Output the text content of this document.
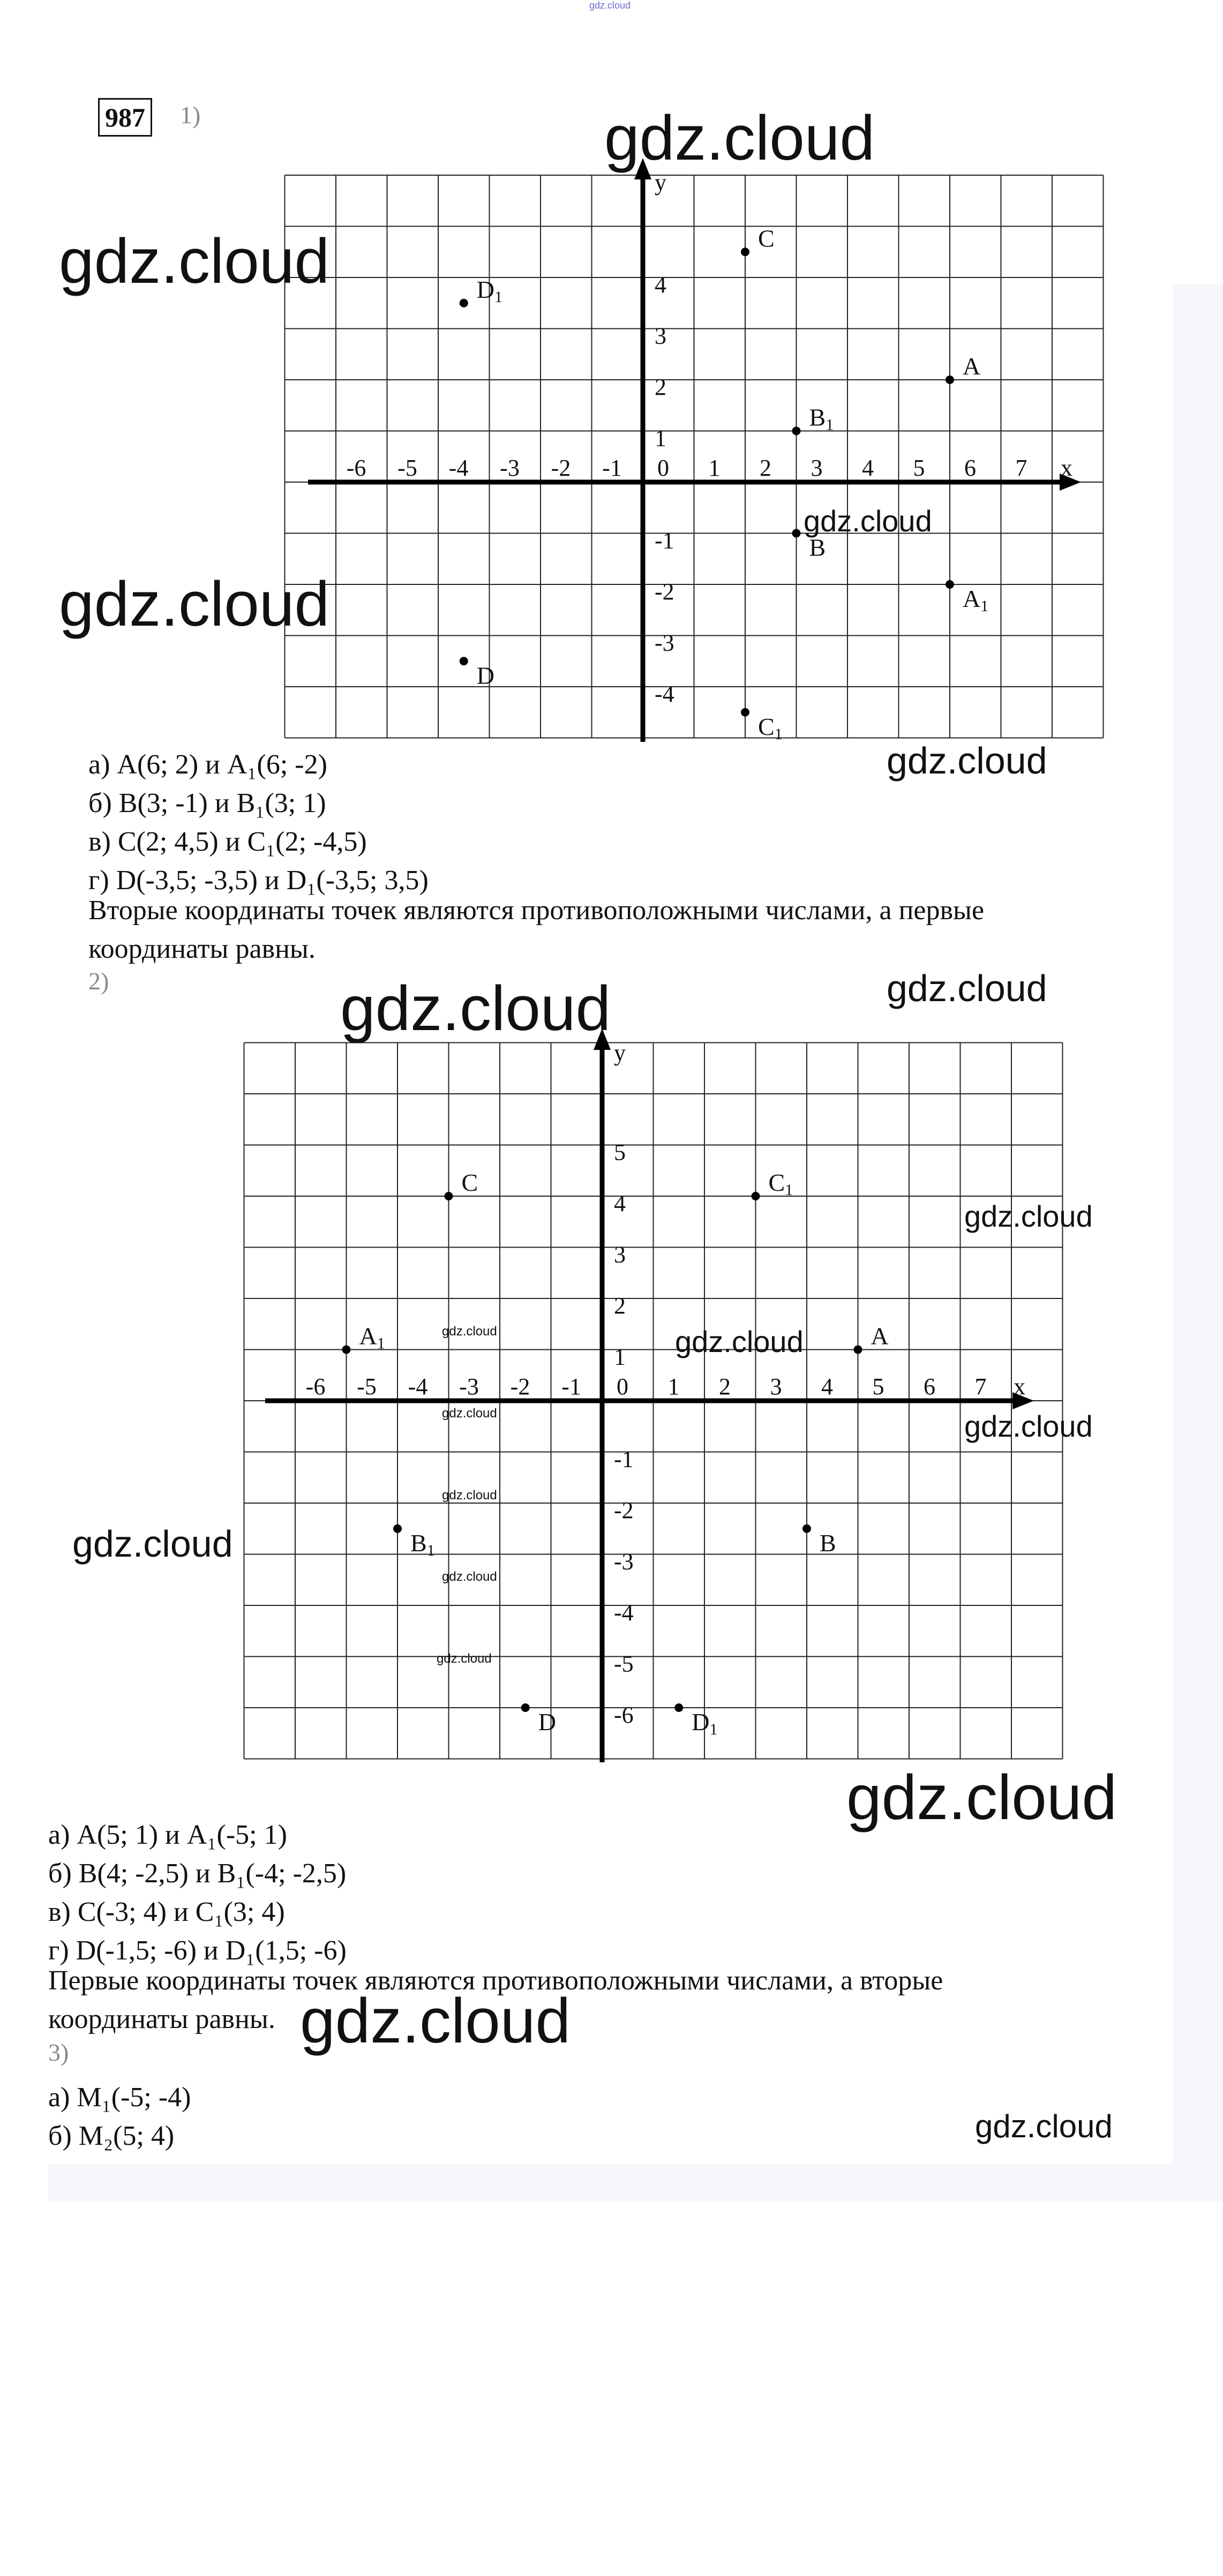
gdz.cloud
987 1)
-6 -5 -4 -3 -2 -1 0 1 2 3 4 5 6 7 x
y
1
2
3
4
-1
-2
-3
-4
A
A1
B
B1
C
C1
D
D1
а) A(6; 2) и A₁(6; -2)
б) B(3; -1) и B₁(3; 1)
в) C(2; 4,5) и C₁(2; -4,5)
г) D(-3,5; -3,5) и D₁(-3,5; 3,5)
Вторые координаты точек являются противоположными числами, а первые координаты равны.
2)
-6 -5 -4 -3 -2 -1 0 1 2 3 4 5 6 7 x
y
1
2
3
4
5
-1
-2
-3
-4
-5
-6
A
A1
B
B1
C	C1
D	D1
а) A(5; 1) и A₁(-5; 1)
б) B(4; -2,5) и B₁(-4; -2,5)
в) C(-3; 4) и C₁(3; 4)
г) D(-1,5; -6) и D₁(1,5; -6)
Первые координаты точек являются противоположными числами, а вторые координаты равны.
3)
а) M₁(-5; -4)
б) M₂(5; 4)
gdz.cloud
gdz.cloud
gdz.cloud
gdz.cloud
gdz.cloud
gdz.cloud	gdz.cloud
gdz.cloud
gdz.cloud
gdz.cloud
gdz.cloud
gdz.cloud
gdz.cloud
gdz.cloud
gdz.cloud
gdz.cloud
gdz.cloud
gdz.cloud
gdz.cloud
